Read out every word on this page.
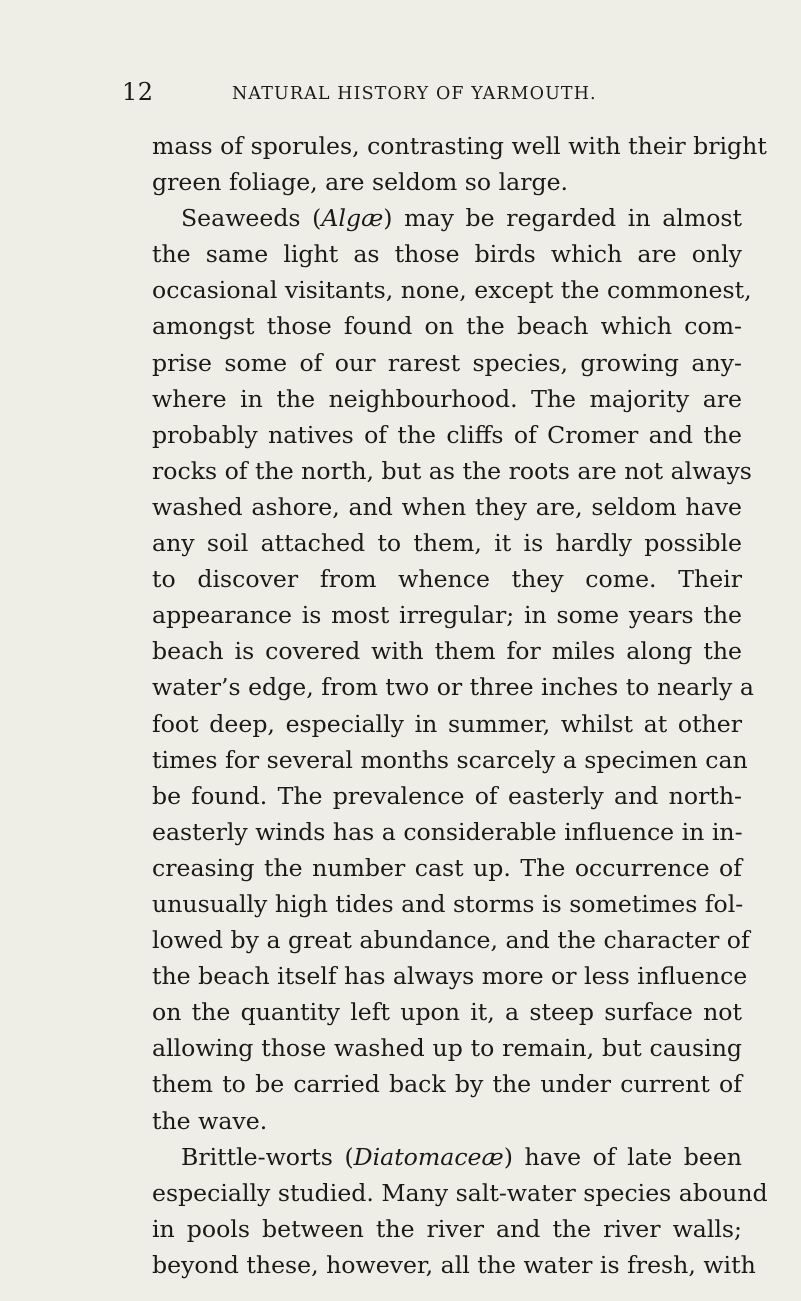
12	NATURAL HISTORY OF YARMOUTH.
mass of sporules, contrasting well with their bright
green foliage, are seldom so large.
Seaweeds (Algæ) may be regarded in almost
the same light as those birds which are only
occasional visitants, none, except the commonest,
amongst those found on the beach which com-
prise some of our rarest species, growing any-
where in the neighbourhood. The majority are
probably natives of the cliffs of Cromer and the
rocks of the north, but as the roots are not always
washed ashore, and when they are, seldom have
any soil attached to them, it is hardly possible
to discover from whence they come. Their
appearance is most irregular; in some years the
beach is covered with them for miles along the
water’s edge, from two or three inches to nearly a
foot deep, especially in summer, whilst at other
times for several months scarcely a specimen can
be found. The prevalence of easterly and north-
easterly winds has a considerable influence in in-
creasing the number cast up. The occurrence of
unusually high tides and storms is sometimes fol-
lowed by a great abundance, and the character of
the beach itself has always more or less influence
on the quantity left upon it, a steep surface not
allowing those washed up to remain, but causing
them to be carried back by the under current of
the wave.
Brittle-worts (Diatomaceæ) have of late been
especially studied. Many salt-water species abound
in pools between the river and the river walls;
beyond these, however, all the water is fresh, with
